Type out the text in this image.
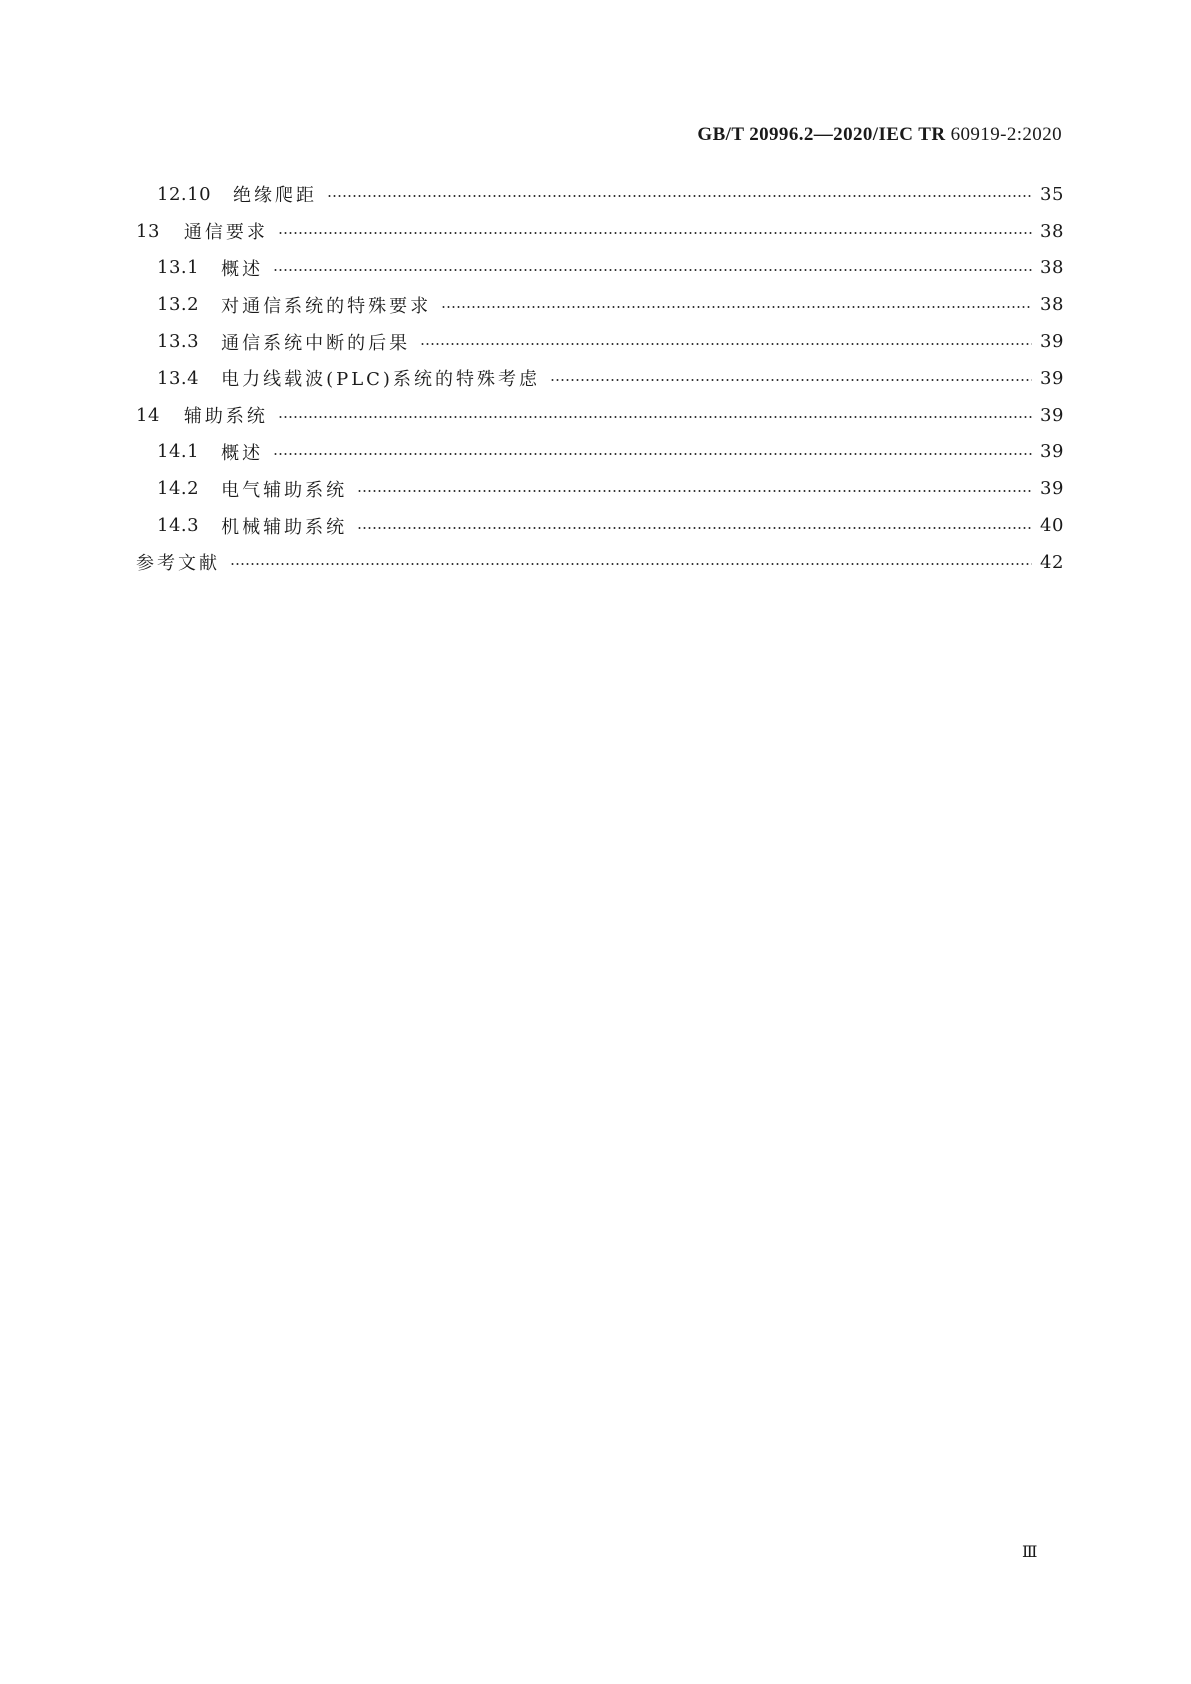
GB/T 20996.2—2020/IEC TR 60919-2:2020
12.10 绝缘爬距	35
13 通信要求	38
13.1 概述	38
13.2 对通信系统的特殊要求	38
13.3 通信系统中断的后果	39
13.4 电力线载波(PLC)系统的特殊考虑	39
14 辅助系统	39
14.1 概述	39
14.2 电气辅助系统	39
14.3 机械辅助系统	40
参考文献	42
Ⅲ
